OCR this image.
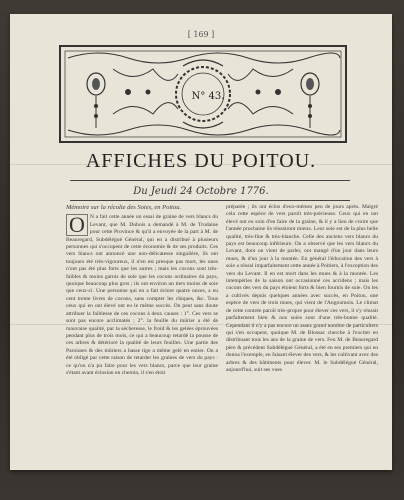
[ 169 ]
N° 43.
AFFICHES DU POITOU.
Du Jeudi 24 Octobre 1776.
Mémoire sur la récolte des Soies, en Poitou.
O N a fait cette année un essai de graine de vers blancs du Levant, que M. Dubois a demandé à M. de Trudaine pour cette Province & qu'il a envoyée de la part à M. de Beauregard, Subdélégué Général, qui en a distribué à plusieurs personnes qui s'occupent de cette économie & de ses produits. Ces vers blancs ont annoncé une non-délicatesse singulière, ils ont toujours été très-vigoureux, il n'en est presque pas mort, les unes n'ont pas été plus forts que les autres ; mais les cocons sont très-faibles & moins garnis de soie que les cocons ordinaires du pays, quoique beaucoup plus gros ; ils ont environ un tiers moins de soie que ceux-ci. Une personne qui en a fait éclore quatre onces, a eu cent trente livres de cocons, sans compter les chiques, &c. Tous ceux qui en ont élevé ont eu le même succès. On peut sans doute attribuer la faiblesse de ces cocons à deux causes : 1°. Ces vers se sont pas encore acclimatés ; 2°. la feuille du mûrier a été de mauvaise qualité, par la sécheresse, le froid & les gelées éprouvées pendant plus de trois mois, ce qui a beaucoup retardé la pousse de ces arbres & détérioré la qualité de leurs feuilles. Une partie des Paroisses & des mûriers a basse tige a même gelé en entier. On a été obligé par cette raison de retarder les graines de vers du pays : ce qu'on n'a pu faire pour les vers blancs, parce que leur graine s'étant avant éclosion en chemin, il s'en étoit
préparée ; ils ont éclos d'eux-mêmes peu de jours après. Malgré cela cette espèce de vers paroît très-précieuse. Ceux qui en ont élevé ont eu soin d'en faire de la graine, & il y a lieu de croire que l'année prochaine ils réussiront mieux. Leur soie est de la plus belle qualité, très-fine & très-blanche. Celle des anciens vers blancs du pays est beaucoup inférieure. On a observé que les vers blancs du Levant, dont on vient de parler, ont mangé d'un jour dans leurs mues, & d'un jour à la montée. En général l'éducation des vers à soie a réussi imparfaitement cette année à Poitiers, à l'exception des vers du Levant. Il en est mort dans les mues & à la montée. Les intempéries de la saison ont occasionné ces accidens ; mais les cocons des vers du pays étoient forts & bien fournis de soie. On les a cultivés depuis quelques années avec succès, en Poitou, une espèce de vers de trois mues, qui vient de l'Angoumois. Le climat de cette contrée paroît très-propre pour élever ces vers, il s'y réussit parfaitement bien & nos soies sont d'une très-bonne qualité. Cependant il n'y a pas encore un assez grand nombre de particuliers qui s'en occupent, quoique M. de Blossac cherche à l'exciter en distribuant tous les ans de la graine de vers. Feu M. de Beauregard père & précédent Subdélégué Général, a été en ses premiers qui en donna l'exemple, en faisant élever des vers, & les cultivant avec des arbres & des bâtiments pour élever. M. le Subdélégué Général, aujourd'hui, suit ses vues
